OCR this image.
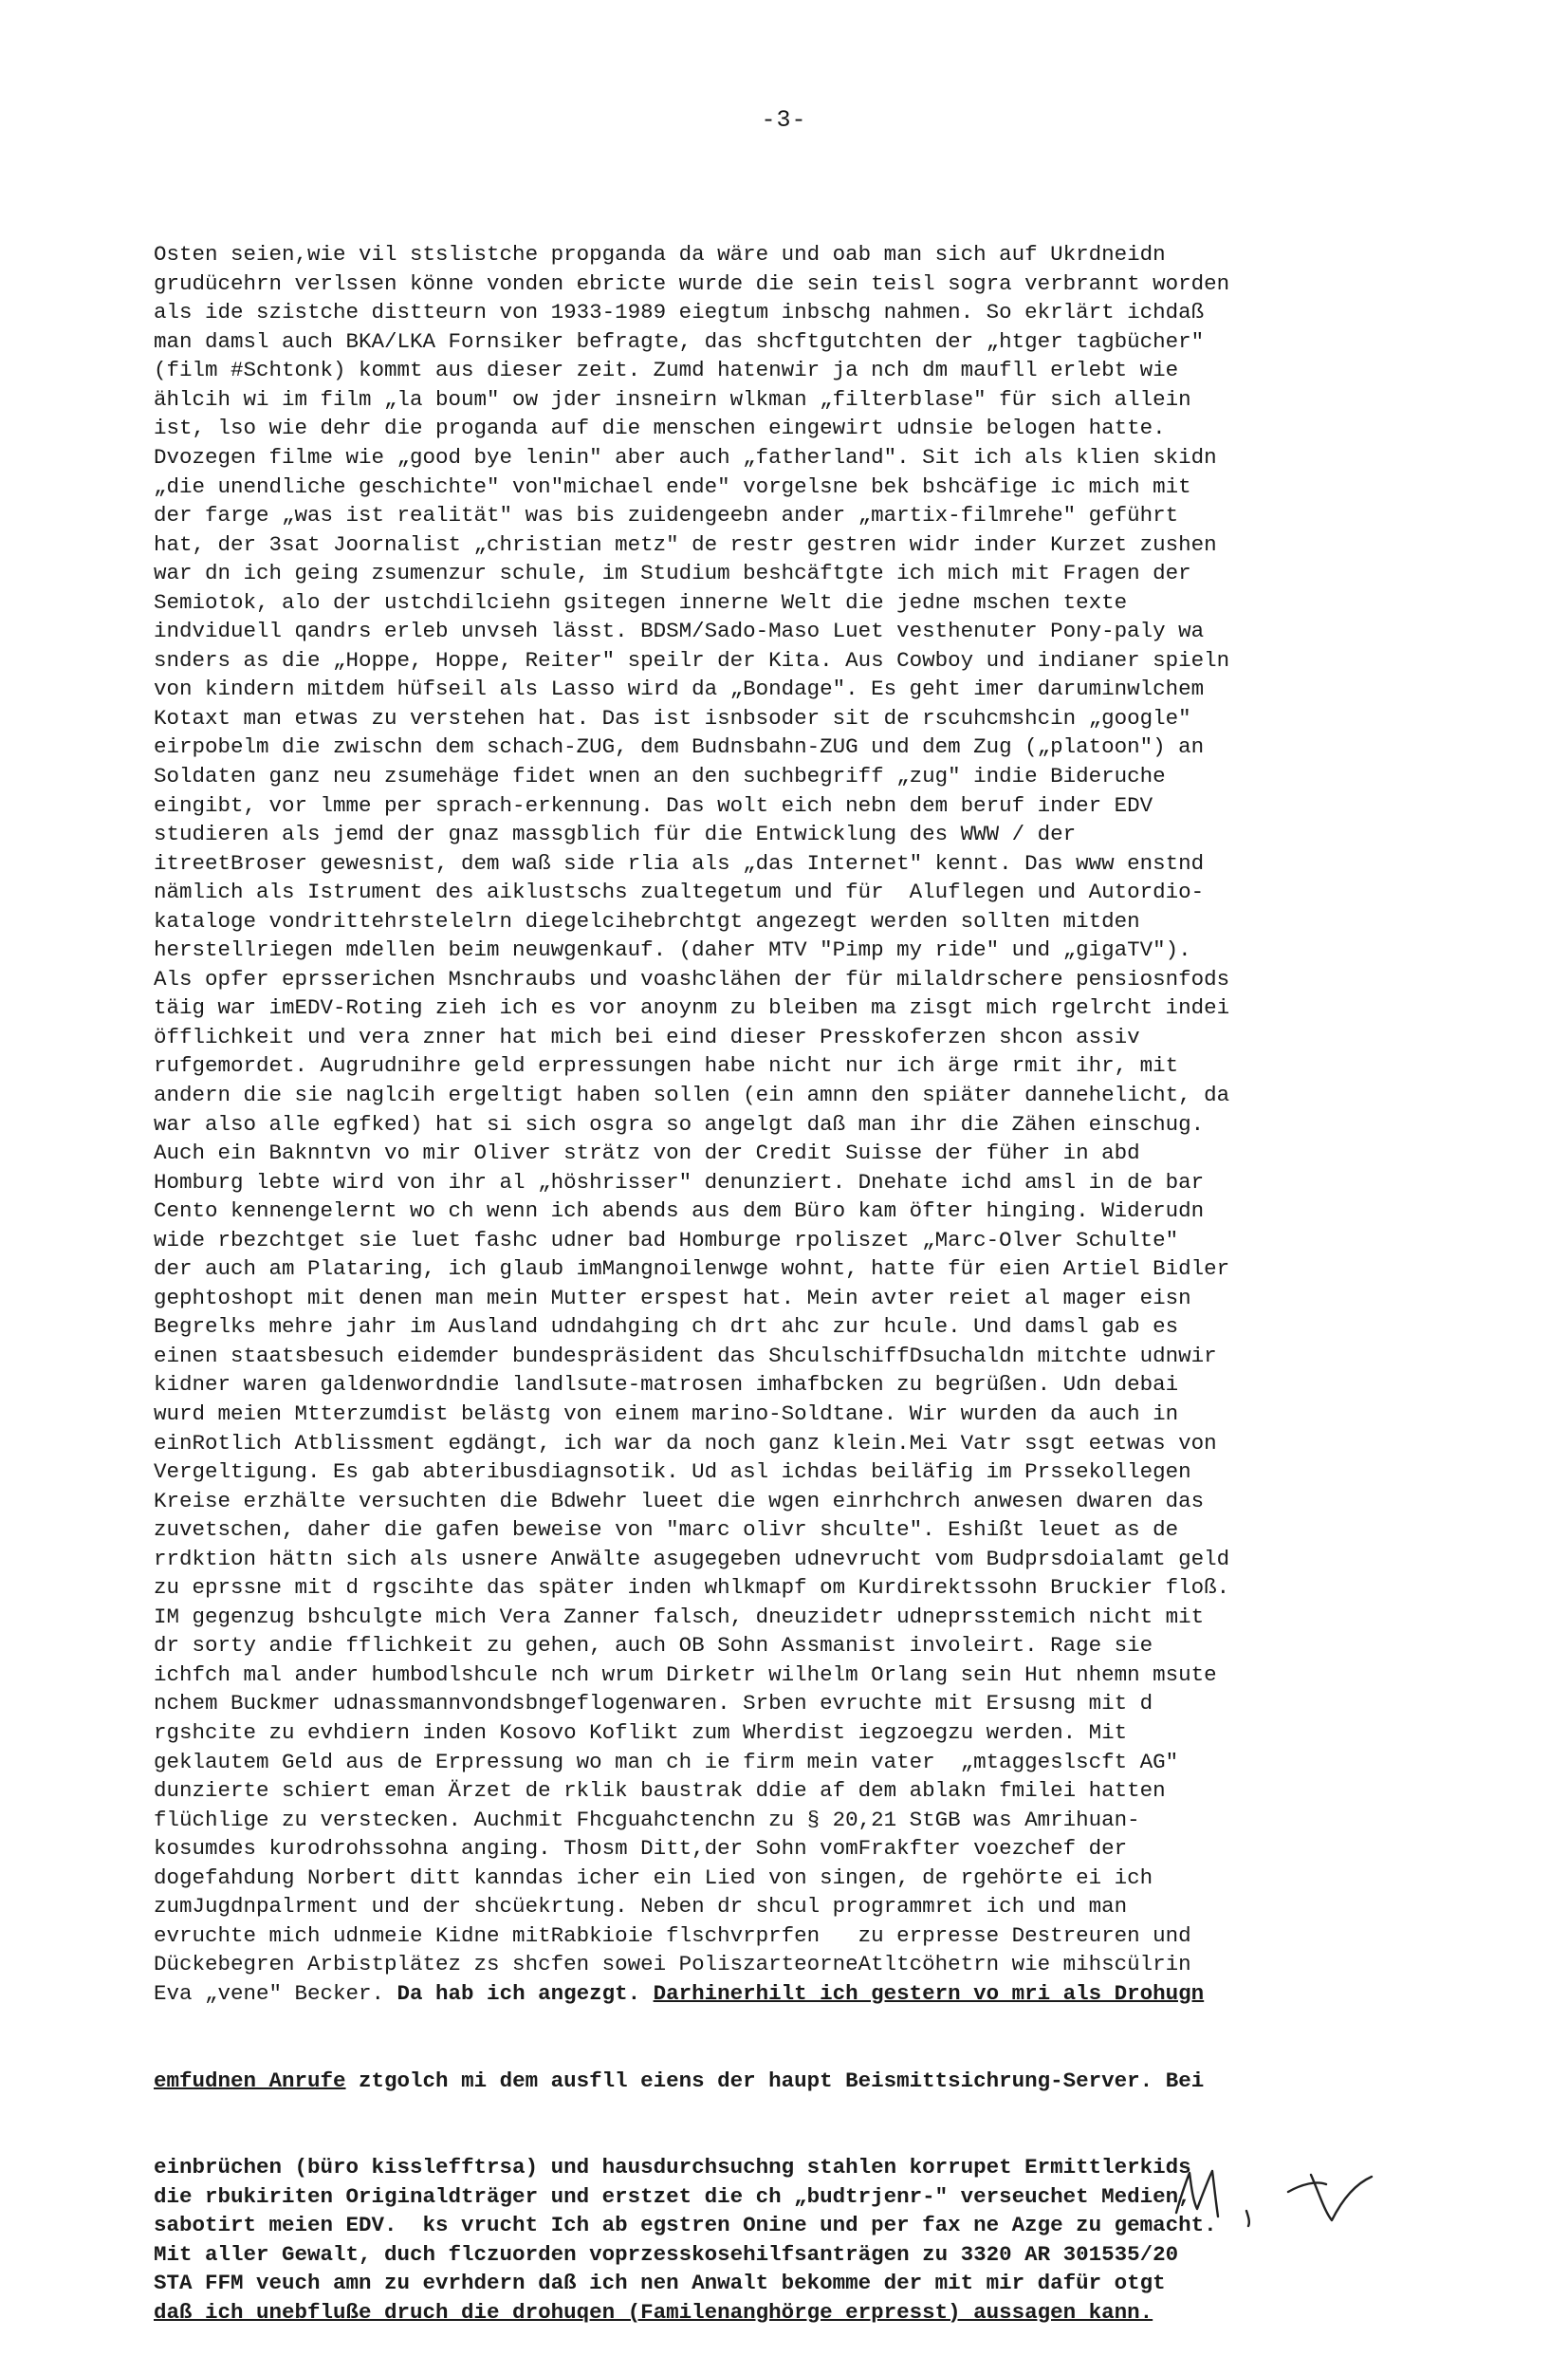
-3-

Osten seien,wie vil stslistche propganda da wäre und oab man sich auf Ukrdneidn
grudücehrn verlssen könne vonden ebricte wurde die sein teisl sogra verbrannt worden
als ide szistche distteurn von 1933-1989 eiegtum inbschg nahmen. So ekrlärt ichdaß
man damsl auch BKA/LKA Fornsiker befragte, das shcftgutchten der „htger tagbücher"
(film #Schtonk) kommt aus dieser zeit. Zumd hatenwir ja nch dm maufll erlebt wie
ählcih wi im film „la boum" ow jder insneirn wlkman „filterblase" für sich allein
ist, lso wie dehr die proganda auf die menschen eingewirt udnsie belogen hatte.
Dvozegen filme wie „good bye lenin" aber auch „fatherland". Sit ich als klien skidn
„die unendliche geschichte" von"michael ende" vorgelsne bek bshcäfige ic mich mit
der farge „was ist realität" was bis zuidengeebn ander „martix-filmrehe" geführt
hat, der 3sat Joornalist „christian metz" de restr gestren widr inder Kurzet zushen
war dn ich geing zsumenzur schule, im Studium beshcäftgte ich mich mit Fragen der
Semiotok, alo der ustchdilciehn gsitegen innerne Welt die jedne mschen texte
indviduell qandrs erleb unvseh lässt. BDSM/Sado-Maso Luet vesthenuter Pony-paly wa
snders as die „Hoppe, Hoppe, Reiter" speilr der Kita. Aus Cowboy und indianer spieln
von kindern mitdem hüfseil als Lasso wird da „Bondage". Es geht imer daruminwlchem
Kotaxt man etwas zu verstehen hat. Das ist isnbsoder sit de rscuhcmshcin „google"
eirpobelm die zwischn dem schach-ZUG, dem Budnsbahn-ZUG und dem Zug („platoon") an
Soldaten ganz neu zsumehäge fidet wnen an den suchbegriff „zug" indie Bideruche
eingibt, vor lmme per sprach-erkennung. Das wolt eich nebn dem beruf inder EDV
studieren als jemd der gnaz massgblich für die Entwicklung des WWW / der
itreetBroser gewesnist, dem waß side rlia als „das Internet" kennt. Das www enstnd
nämlich als Istrument des aiklustschs zualtegetum und für  Aluflegen und Autordio-
kataloge vondrittehrstelelrn diegelcihebrchtgt angezegt werden sollten mitden
herstellriegen mdellen beim neuwgenkauf. (daher MTV "Pimp my ride" und „gigaTV").
Als opfer eprsserichen Msnchraubs und voashclähen der für milaldrschere pensiosnfods
täig war imEDV-Roting zieh ich es vor anoynm zu bleiben ma zisgt mich rgelrcht indei
öfflichkeit und vera znner hat mich bei eind dieser Presskoferzen shcon assiv
rufgemordet. Augrudnihre geld erpressungen habe nicht nur ich ärge rmit ihr, mit
andern die sie naglcih ergeltigt haben sollen (ein amnn den spiäter dannehelicht, da
war also alle egfked) hat si sich osgra so angelgt daß man ihr die Zähen einschug.
Auch ein Baknntvn vo mir Oliver strätz von der Credit Suisse der füher in abd
Homburg lebte wird von ihr al „höshrisser" denunziert. Dnehate ichd amsl in de bar
Cento kennengelernt wo ch wenn ich abends aus dem Büro kam öfter hinging. Widerudn
wide rbezchtget sie luet fashc udner bad Homburge rpoliszet „Marc-Olver Schulte"
der auch am Plataring, ich glaub imMangnoilenwge wohnt, hatte für eien Artiel Bidler
gephtoshopt mit denen man mein Mutter erspest hat. Mein avter reiet al mager eisn
Begrelks mehre jahr im Ausland udndahging ch drt ahc zur hcule. Und damsl gab es
einen staatsbesuch eidemder bundespräsident das ShculschiffDsuchaldn mitchte udnwir
kidner waren galdenwordndie landlsute-matrosen imhafbcken zu begrüßen. Udn debai
wurd meien Mtterzumdist belästg von einem marino-Soldtane. Wir wurden da auch in
einRotlich Atblissment egdängt, ich war da noch ganz klein.Mei Vatr ssgt eetwas von
Vergeltigung. Es gab abteribusdiagnsotik. Ud asl ichdas beiläfig im Prssekollegen
Kreise erzhälte versuchten die Bdwehr lueet die wgen einrhchrch anwesen dwaren das
zuvetschen, daher die gafen beweise von "marc olivr shculte". Eshißt leuet as de
rrdktion hättn sich als usnere Anwälte asugegeben udnevrucht vom Budprsdoialamt geld
zu eprssne mit d rgscihte das später inden whlkmapf om Kurdirektssohn Bruckier floß.
IM gegenzug bshculgte mich Vera Zanner falsch, dneuzidetr udneprsstemich nicht mit
dr sorty andie fflichkeit zu gehen, auch OB Sohn Assmanist involeirt. Rage sie
ichfch mal ander humbodlshcule nch wrum Dirketr wilhelm Orlang sein Hut nhemn msute
nchem Buckmer udnassmannvondsbngeflogenwaren. Srben evruchte mit Ersusng mit d
rgshcite zu evhdiern inden Kosovo Koflikt zum Wherdist iegzoegzu werden. Mit
geklautem Geld aus de Erpressung wo man ch ie firm mein vater  „mtaggeslscft AG"
dunzierte schiert eman Ärzet de rklik baustrak ddie af dem ablakn fmilei hatten
flüchlige zu verstecken. Auchmit Fhcguahctenchn zu § 20,21 StGB was Amrihuan-
kosumdes kurodrohssohna anging. Thosm Ditt,der Sohn vomFrakfter voezchef der
dogefahdung Norbert ditt kanndas icher ein Lied von singen, de rgehörte ei ich
zumJugdnpalrment und der shcüekrtung. Neben dr shcul programmret ich und man
evruchte mich udnmeie Kidne mitRabkioie flschvrprfen   zu erpresse Destreuren und
Dückebegren Arbistplätez zs shcfen sowei PoliszarteorneAtltcöhetrn wie mihscülrin
Eva „vene" Becker. Da hab ich angezgt. Darhinerhilt ich gestern vo mri als Drohugn

emfudnen Anrufe ztgolch mi dem ausfll eiens der haupt Beismittsichrung-Server. Bei

einbrüchen (büro kisslefftrsa) und hausdurchsuchng stahlen korrupet Ermittlerkids
die rbukiriten Originaldträger und erstzet die ch „budtrjenr-" verseuchet Medien,
sabotirt meien EDV.  ks vrucht Ich ab egstren Onine und per fax ne Azge zu gemacht.
Mit aller Gewalt, duch flczuorden voprzesskosehilfsanträgen zu 3320 AR 301535/20
STA FFM veuch amn zu evrhdern daß ich nen Anwalt bekomme der mit mir dafür otgt
daß ich unebfluße druch die drohuqen (Familenanghörge erpresst) aussagen kann.
